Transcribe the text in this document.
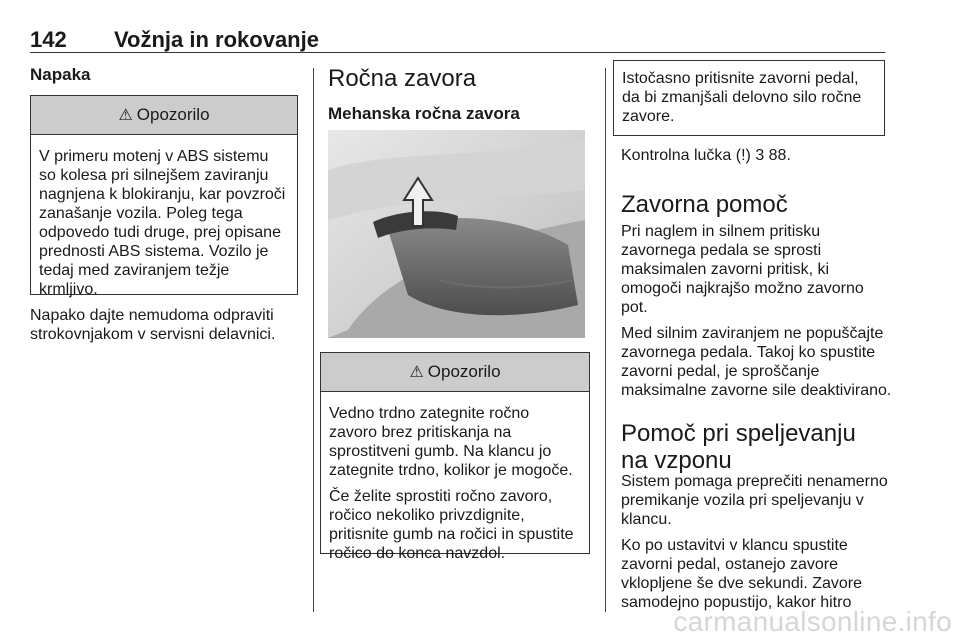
142 Vožnja in rokovanje
Napaka
⚠ Opozorilo

V primeru motenj v ABS sistemu so kolesa pri silnejšem zaviranju nagnjena k blokiranju, kar povzroči zanašanje vozila. Poleg tega odpovedo tudi druge, prej opisane prednosti ABS sistema. Vozilo je tedaj med zaviranjem težje krmljivo.

Napako dajte nemudoma odpraviti strokovnjakom v servisni delavnici.

Ročna zavora
Mehanska ročna zavora
⚠ Opozorilo

Vedno trdno zategnite ročno zavoro brez pritiskanja na sprostitveni gumb. Na klancu jo zategnite trdno, kolikor je mogoče.

Če želite sprostiti ročno zavoro, ročico nekoliko privzdignite, pritisnite gumb na ročici in spustite ročico do konca navzdol.

Istočasno pritisnite zavorni pedal, da bi zmanjšali delovno silo ročne zavore.
Kontrolna lučka (!) 3 88.
Zavorna pomoč

Pri naglem in silnem pritisku zavornega pedala se sprosti maksimalen zavorni pritisk, ki omogoči najkrajšo možno zavorno pot.

Med silnim zaviranjem ne popuščajte zavornega pedala. Takoj ko spustite zavorni pedal, je sproščanje maksimalne zavorne sile deaktivirano.

Pomoč pri speljevanju na vzponu

Sistem pomaga preprečiti nenamerno premikanje vozila pri speljevanju v klancu.

Ko po ustavitvi v klancu spustite zavorni pedal, ostanejo zavore vklopljene še dve sekundi. Zavore samodejno popustijo, kakor hitro

carmanualsonline.info
